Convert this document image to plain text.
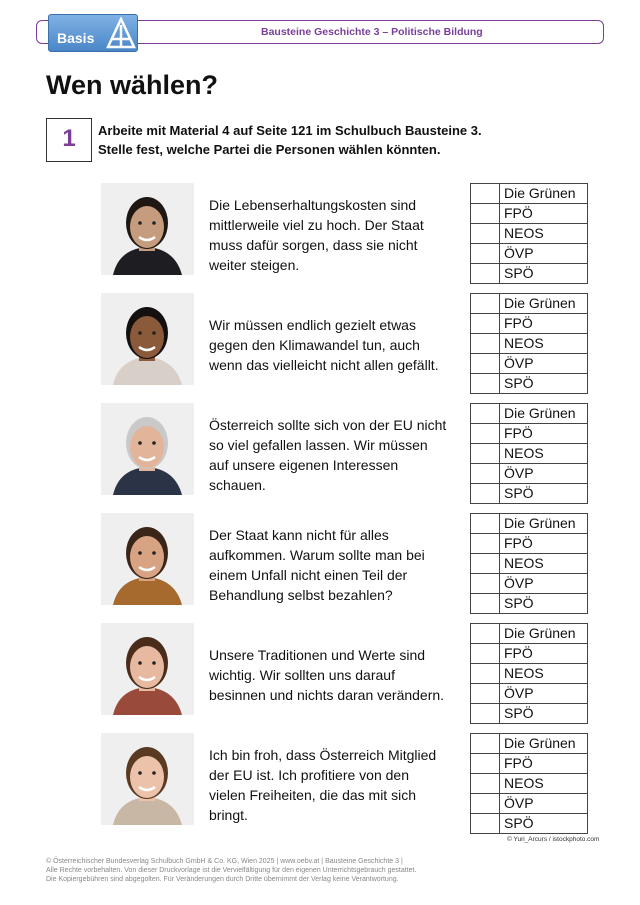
Bausteine Geschichte 3 – Politische Bildung
Basis
Wen wählen?
1	Arbeite mit Material 4 auf Seite 121 im Schulbuch Bausteine 3.
Stelle fest, welche Partei die Personen wählen könnten.
Die Lebenserhaltungskosten sind
mittlerweile viel zu hoch. Der Staat
muss dafür sorgen, dass sie nicht
weiter steigen.
	Die Grünen
	FPÖ
	NEOS
	ÖVP
	SPÖ
Wir müssen endlich gezielt etwas
gegen den Klimawandel tun, auch
wenn das vielleicht nicht allen gefällt.
	Die Grünen
	FPÖ
	NEOS
	ÖVP
	SPÖ
Österreich sollte sich von der EU nicht
so viel gefallen lassen. Wir müssen
auf unsere eigenen Interessen
schauen.
	Die Grünen
	FPÖ
	NEOS
	ÖVP
	SPÖ
Der Staat kann nicht für alles
aufkommen. Warum sollte man bei
einem Unfall nicht einen Teil der
Behandlung selbst bezahlen?
	Die Grünen
	FPÖ
	NEOS
	ÖVP
	SPÖ
Unsere Traditionen und Werte sind
wichtig. Wir sollten uns darauf
besinnen und nichts daran verändern.
	Die Grünen
	FPÖ
	NEOS
	ÖVP
	SPÖ
Ich bin froh, dass Österreich Mitglied
der EU ist. Ich profitiere von den
vielen Freiheiten, die das mit sich
bringt.
	Die Grünen
	FPÖ
	NEOS
	ÖVP
	SPÖ
© Yuri_Arcurs / istockphoto.com
© Österreichischer Bundesverlag Schulbuch GmbH & Co. KG, Wien 2025 | www.oebv.at | Bausteine Geschichte 3 |
Alle Rechte vorbehalten. Von dieser Druckvorlage ist die Vervielfältigung für den eigenen Unterrichtsgebrauch gestattet.
Die Kopiergebühren sind abgegolten. Für Veränderungen durch Dritte übernimmt der Verlag keine Verantwortung.
